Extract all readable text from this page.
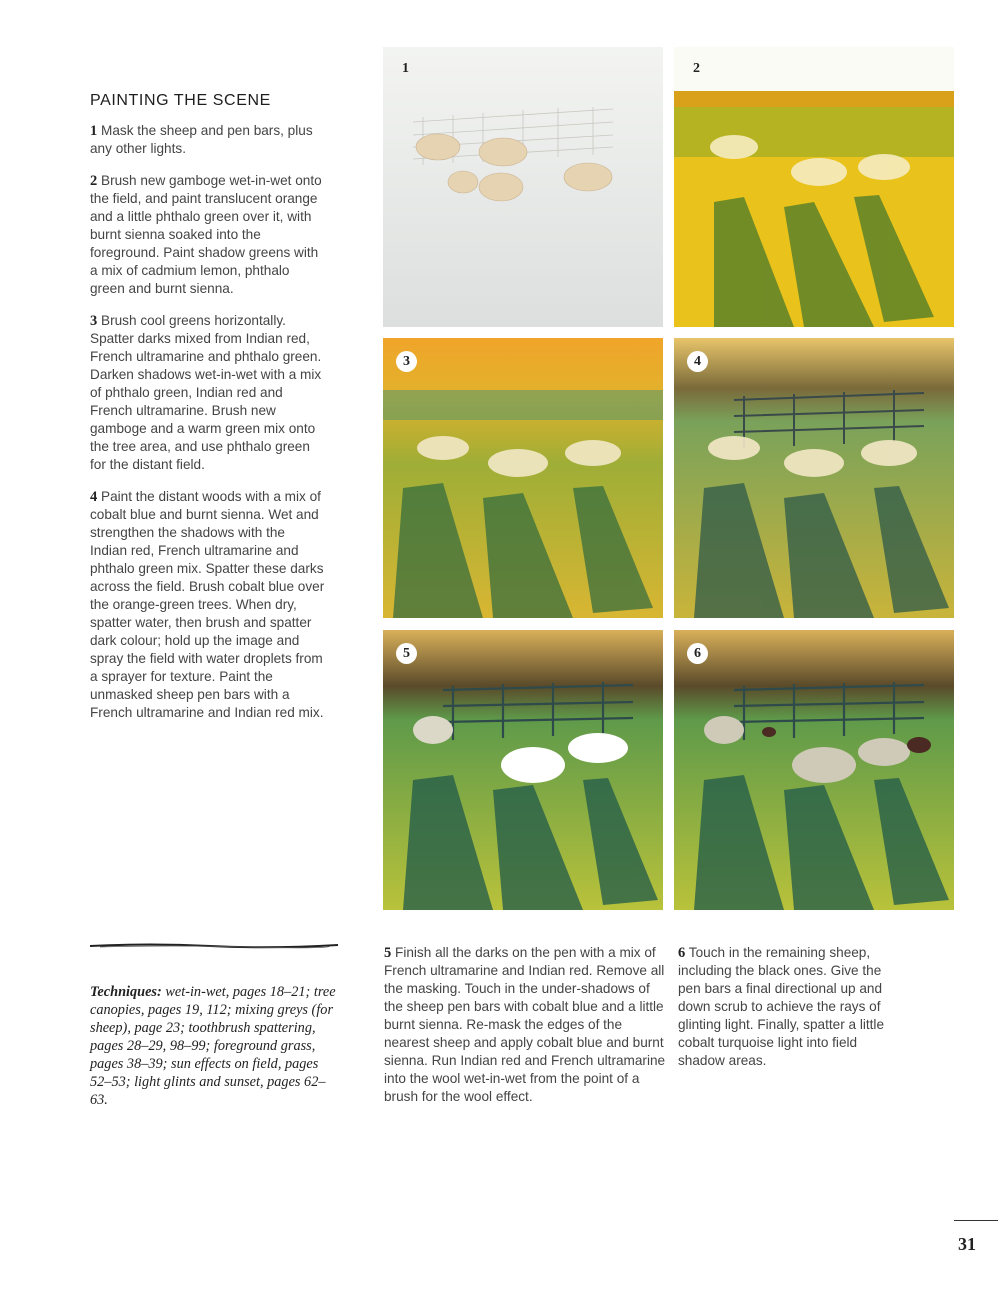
PAINTING THE SCENE

1 Mask the sheep and pen bars, plus any other lights.

2 Brush new gamboge wet-in-wet onto the field, and paint translucent orange and a little phthalo green over it, with burnt sienna soaked into the foreground. Paint shadow greens with a mix of cadmium lemon, phthalo green and burnt sienna.

3 Brush cool greens horizontally. Spatter darks mixed from Indian red, French ultramarine and phthalo green. Darken shadows wet-in-wet with a mix of phthalo green, Indian red and French ultramarine. Brush new gamboge and a warm green mix onto the tree area, and use phthalo green for the distant field.

4 Paint the distant woods with a mix of cobalt blue and burnt sienna. Wet and strengthen the shadows with the Indian red, French ultramarine and phthalo green mix. Spatter these darks across the field. Brush cobalt blue over the orange-green trees. When dry, spatter water, then brush and spatter dark colour; hold up the image and spray the field with water droplets from a sprayer for texture. Paint the unmasked sheep pen bars with a French ultramarine and Indian red mix.

1	2
3	4
5	6
Techniques: wet-in-wet, pages 18–21; tree canopies, pages 19, 112; mixing greys (for sheep), page 23; toothbrush spattering, pages 28–29, 98–99; foreground grass, pages 38–39; sun effects on field, pages 52–53; light glints and sunset, pages 62–63.
5 Finish all the darks on the pen with a mix of French ultramarine and Indian red. Remove all the masking. Touch in the under-shadows of the sheep pen bars with cobalt blue and a little burnt sienna. Re-mask the edges of the nearest sheep and apply cobalt blue and burnt sienna. Run Indian red and French ultramarine into the wool wet-in-wet from the point of a brush for the wool effect.
6 Touch in the remaining sheep, including the black ones. Give the pen bars a final directional up and down scrub to achieve the rays of glinting light. Finally, spatter a little cobalt turquoise light into field shadow areas.
31
